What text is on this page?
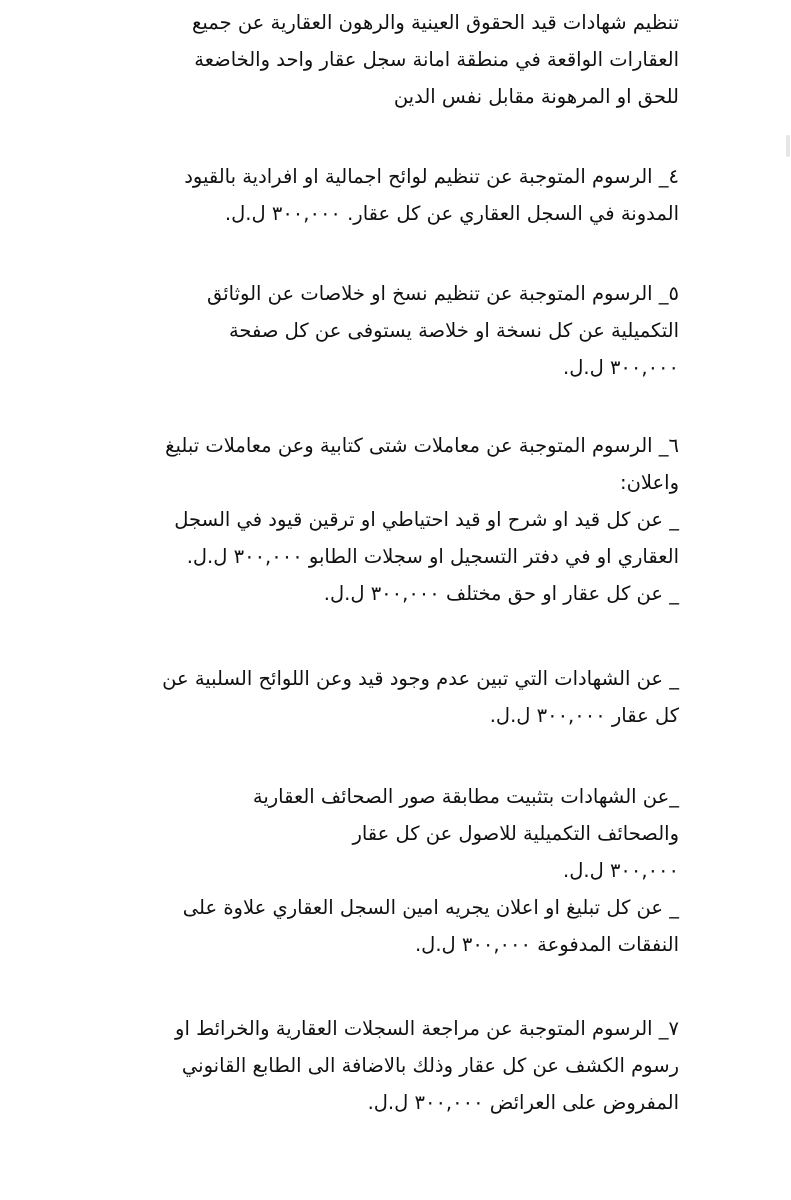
تنظيم شهادات قيد الحقوق العينية والرهون العقارية عن جميع
العقارات الواقعة في منطقة امانة سجل عقار واحد والخاضعة
للحق او المرهونة مقابل نفس الدين
٤_ الرسوم المتوجبة عن تنظيم لوائح اجمالية او افرادية بالقيود
المدونة في السجل العقاري عن كل عقار. ٣٠٠,٠٠٠ ل.ل.
٥_ الرسوم المتوجبة عن تنظيم نسخ او خلاصات عن الوثائق
التكميلية عن كل نسخة او خلاصة يستوفى عن كل صفحة
٣٠٠,٠٠٠ ل.ل.
٦_ الرسوم المتوجبة عن معاملات شتى كتابية وعن معاملات تبليغ
واعلان:
_ عن كل قيد او شرح او قيد احتياطي او ترقين قيود في السجل
العقاري او في دفتر التسجيل او سجلات الطابو ٣٠٠,٠٠٠ ل.ل.
_ عن كل عقار او حق مختلف ٣٠٠,٠٠٠ ل.ل.
_ عن الشهادات التي تبين عدم وجود قيد وعن اللوائح السلبية عن
كل عقار ٣٠٠,٠٠٠ ل.ل.
_عن الشهادات بتثبيت مطابقة صور الصحائف العقارية
والصحائف التكميلية للاصول عن كل عقار
٣٠٠,٠٠٠ ل.ل.
_ عن كل تبليغ او اعلان يجريه امين السجل العقاري علاوة على
النفقات المدفوعة ٣٠٠,٠٠٠ ل.ل.
٧_ الرسوم المتوجبة عن مراجعة السجلات العقارية والخرائط او
رسوم الكشف عن كل عقار وذلك بالاضافة الى الطابع القانوني
المفروض على العرائض ٣٠٠,٠٠٠ ل.ل.
